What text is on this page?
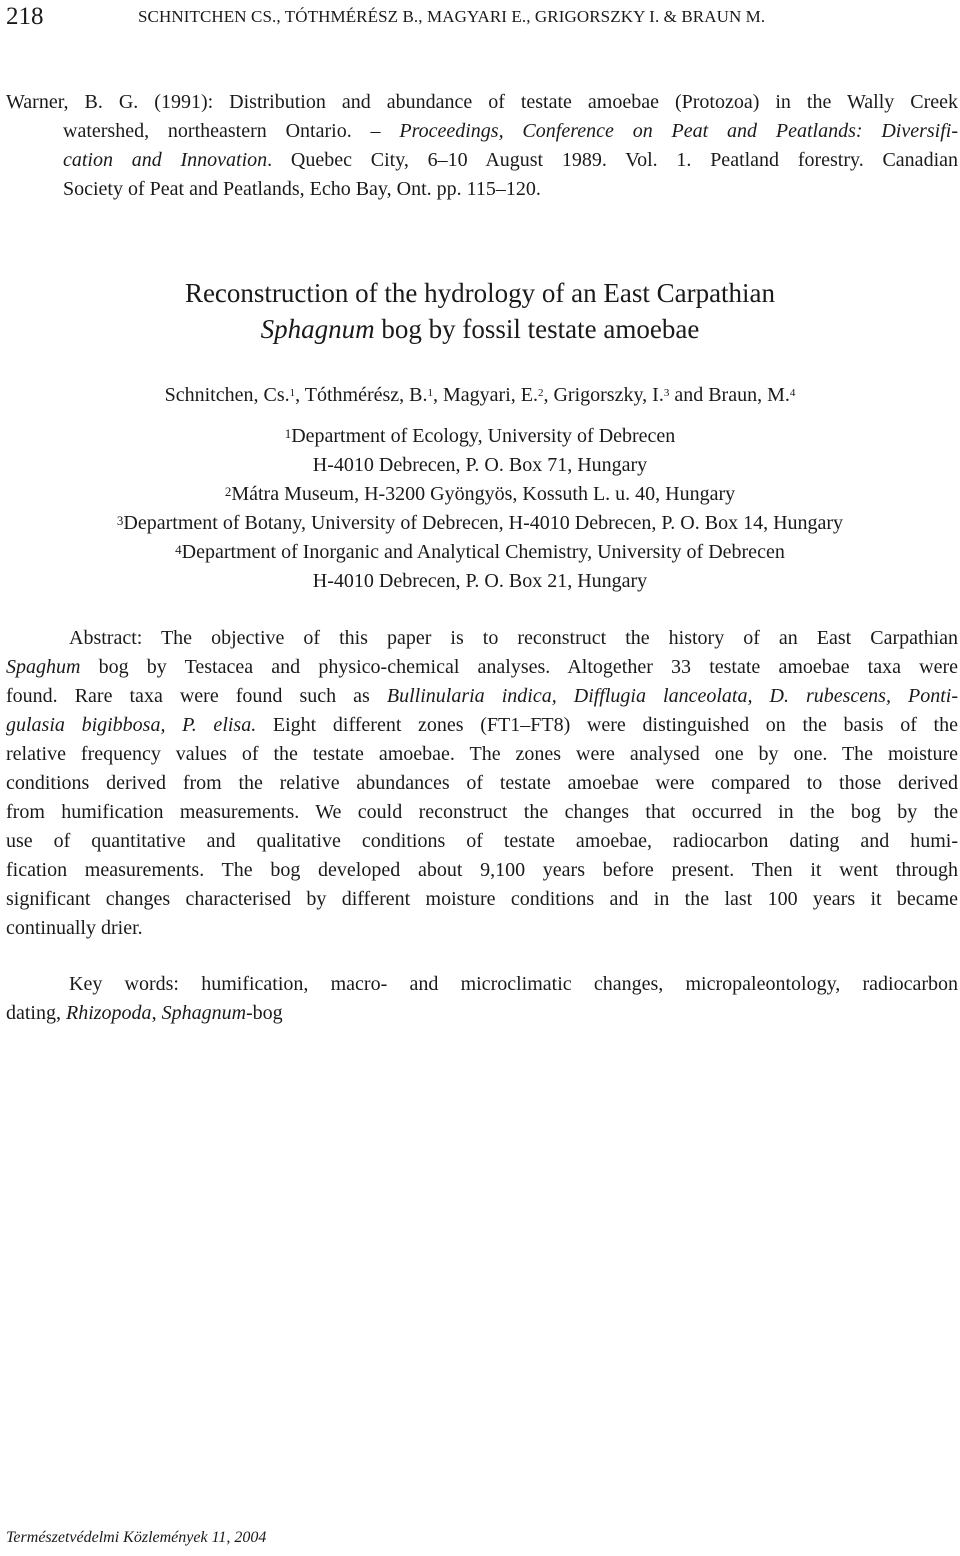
218	SCHNITCHEN CS., TÓTHMÉRÉSZ B., MAGYARI E., GRIGORSZKY I. & BRAUN M.
Warner, B. G. (1991): Distribution and abundance of testate amoebae (Protozoa) in the Wally Creek
watershed, northeastern Ontario. – Proceedings, Conference on Peat and Peatlands: Diversifi-
cation and Innovation. Quebec City, 6–10 August 1989. Vol. 1. Peatland forestry. Canadian
Society of Peat and Peatlands, Echo Bay, Ont. pp. 115–120.
Reconstruction of the hydrology of an East Carpathian
Sphagnum bog by fossil testate amoebae
Schnitchen, Cs.$^1$, Tóthmérész, B.$^1$, Magyari, E.$^2$, Grigorszky, I.$^3$ and Braun, M.$^4$
$^1$Department of Ecology, University of Debrecen
H-4010 Debrecen, P. O. Box 71, Hungary
$^2$Mátra Museum, H-3200 Gyöngyös, Kossuth L. u. 40, Hungary
$^3$Department of Botany, University of Debrecen, H-4010 Debrecen, P. O. Box 14, Hungary
$^4$Department of Inorganic and Analytical Chemistry, University of Debrecen
H-4010 Debrecen, P. O. Box 21, Hungary
Abstract: The objective of this paper is to reconstruct the history of an East Carpathian
Spaghum bog by Testacea and physico-chemical analyses. Altogether 33 testate amoebae taxa were
found. Rare taxa were found such as Bullinularia indica, Difflugia lanceolata, D. rubescens, Ponti-
gulasia bigibbosa, P. elisa. Eight different zones (FT1–FT8) were distinguished on the basis of the
relative frequency values of the testate amoebae. The zones were analysed one by one. The moisture
conditions derived from the relative abundances of testate amoebae were compared to those derived
from humification measurements. We could reconstruct the changes that occurred in the bog by the
use of quantitative and qualitative conditions of testate amoebae, radiocarbon dating and humi-
fication measurements. The bog developed about 9,100 years before present. Then it went through
significant changes characterised by different moisture conditions and in the last 100 years it became
continually drier.
Key words: humification, macro- and microclimatic changes, micropaleontology, radiocarbon
dating, Rhizopoda, Sphagnum-bog
Természetvédelmi Közlemények 11, 2004
